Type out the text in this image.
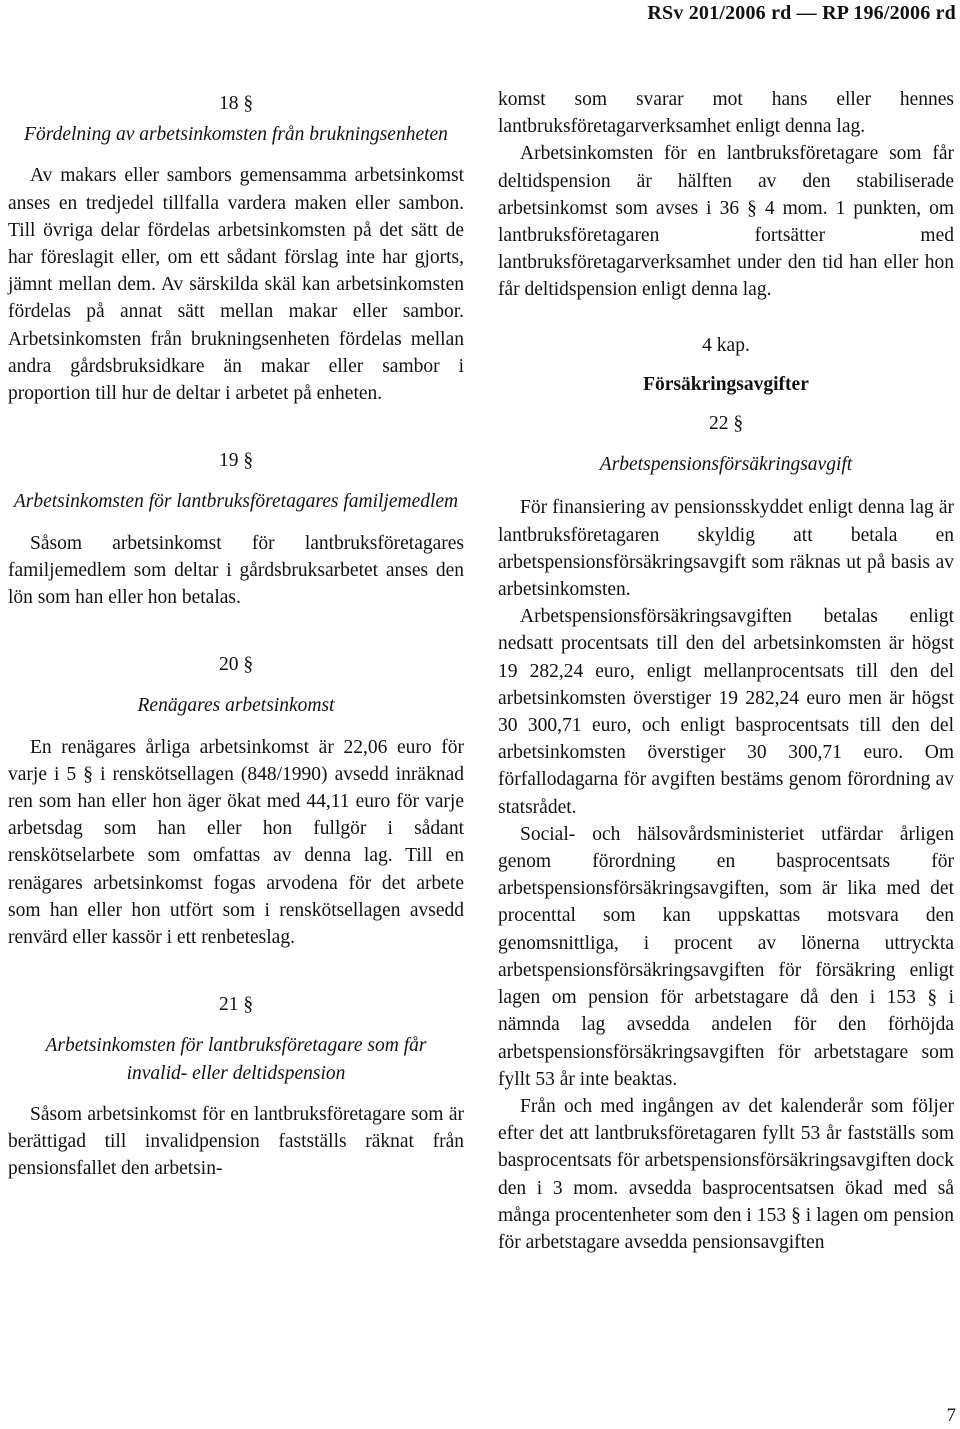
RSv 201/2006 rd — RP 196/2006 rd

18 §

Fördelning av arbetsinkomsten från brukningsenheten

Av makars eller sambors gemensamma arbetsinkomst anses en tredjedel tillfalla vardera maken eller sambon. Till övriga delar fördelas arbetsinkomsten på det sätt de har föreslagit eller, om ett sådant förslag inte har gjorts, jämnt mellan dem. Av särskilda skäl kan arbetsinkomsten fördelas på annat sätt mellan makar eller sambor. Arbetsinkomsten från brukningsenheten fördelas mellan andra gårdsbruksidkare än makar eller sambor i proportion till hur de deltar i arbetet på enheten.

19 §

Arbetsinkomsten för lantbruksföretagares familjemedlem

Såsom arbetsinkomst för lantbruksföretagares familjemedlem som deltar i gårdsbruksarbetet anses den lön som han eller hon betalas.

20 §

Renägares arbetsinkomst

En renägares årliga arbetsinkomst är 22,06 euro för varje i 5 § i renskötsellagen (848/1990) avsedd inräknad ren som han eller hon äger ökat med 44,11 euro för varje arbetsdag som han eller hon fullgör i sådant renskötselarbete som omfattas av denna lag. Till en renägares arbetsinkomst fogas arvodena för det arbete som han eller hon utfört som i renskötsellagen avsedd renvärd eller kassör i ett renbeteslag.

21 §

Arbetsinkomsten för lantbruksföretagare som får invalid- eller deltidspension

Såsom arbetsinkomst för en lantbruksföretagare som är berättigad till invalidpension fastställs räknat från pensionsfallet den arbetsin-

komst som svarar mot hans eller hennes lantbruksföretagarverksamhet enligt denna lag.

Arbetsinkomsten för en lantbruksföretagare som får deltidspension är hälften av den stabiliserade arbetsinkomst som avses i 36 § 4 mom. 1 punkten, om lantbruksföretagaren fortsätter med lantbruksföretagarverksamhet under den tid han eller hon får deltidspension enligt denna lag.

4 kap.

Försäkringsavgifter

22 §

Arbetspensionsförsäkringsavgift

För finansiering av pensionsskyddet enligt denna lag är lantbruksföretagaren skyldig att betala en arbetspensionsförsäkringsavgift som räknas ut på basis av arbetsinkomsten.

Arbetspensionsförsäkringsavgiften betalas enligt nedsatt procentsats till den del arbetsinkomsten är högst 19 282,24 euro, enligt mellanprocentsats till den del arbetsinkomsten överstiger 19 282,24 euro men är högst 30 300,71 euro, och enligt basprocentsats till den del arbetsinkomsten överstiger 30 300,71 euro. Om förfallodagarna för avgiften bestäms genom förordning av statsrådet.

Social- och hälsovårdsministeriet utfärdar årligen genom förordning en basprocentsats för arbetspensionsförsäkringsavgiften, som är lika med det procenttal som kan uppskattas motsvara den genomsnittliga, i procent av lönerna uttryckta arbetspensionsförsäkringsavgiften för försäkring enligt lagen om pension för arbetstagare då den i 153 § i nämnda lag avsedda andelen för den förhöjda arbetspensionsförsäkringsavgiften för arbetstagare som fyllt 53 år inte beaktas.

Från och med ingången av det kalenderår som följer efter det att lantbruksföretagaren fyllt 53 år fastställs som basprocentsats för arbetspensionsförsäkringsavgiften dock den i 3 mom. avsedda basprocentsatsen ökad med så många procentenheter som den i 153 § i lagen om pension för arbetstagare avsedda pensionsavgiften

7
